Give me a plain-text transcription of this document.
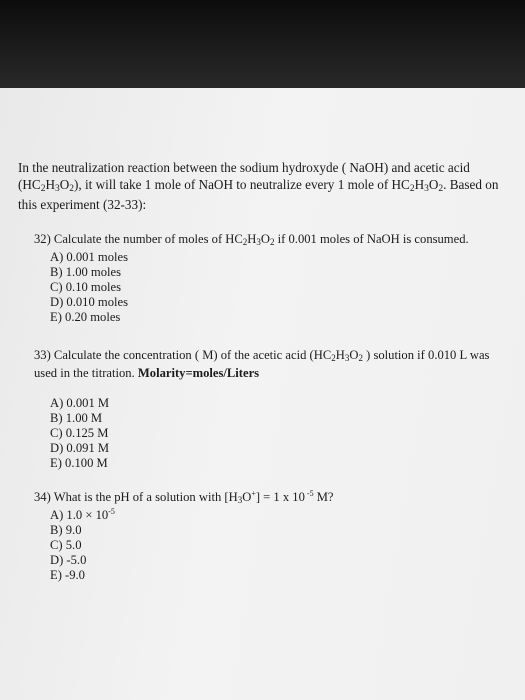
In the neutralization reaction between the sodium hydroxyde ( NaOH) and acetic acid $(HC_2H3O2)$, it will take 1 mole of NaOH to neutralize every 1 mole of HC2H3O2. Based on this experiment (32-33):
32) Calculate the number of moles of $HC_2H_3O_2$ if 0.001 moles of NaOH is consumed.
A) 0.001 moles
B) 1.00 moles
C) 0.10 moles
D) 0.010 moles
E) 0.20 moles
33) Calculate the concentration ( M) of the acetic acid ($HC_2H_3O_2$ ) solution if 0.010 L was used in the titration. Molarity=moles/Liters
A) 0.001 M
B) 1.00 M
C) 0.125 M
D) 0.091 M
E) 0.100 M
34) What is the pH of a solution with $[H_3O^+] = 1$ x 10 $^{-5}$ M?
A) $1.0 \times 10^{-5}$
B) 9.0
C) 5.0
D) -5.0
E) -9.0
